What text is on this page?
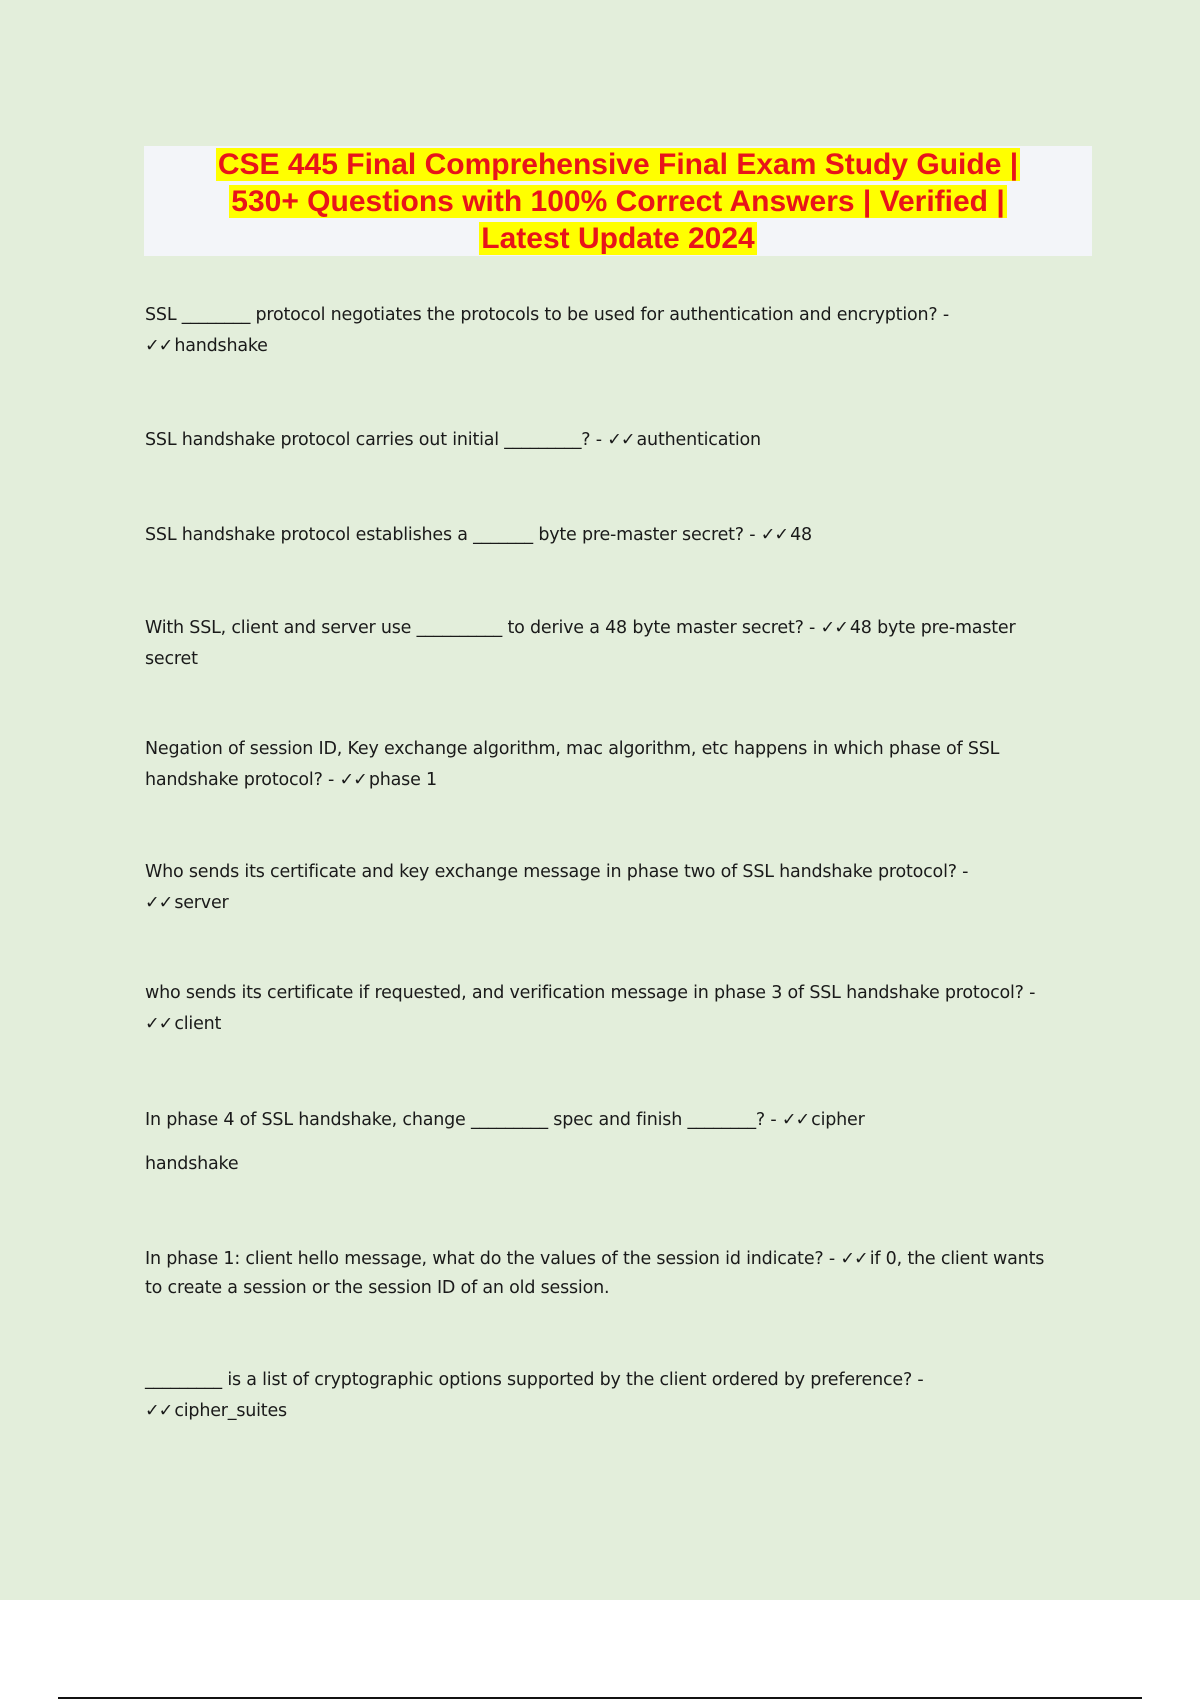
CSE 445 Final Comprehensive Final Exam Study Guide |
530+ Questions with 100% Correct Answers | Verified |
Latest Update 2024
SSL ________ protocol negotiates the protocols to be used for authentication and encryption? -
✓✓ handshake
SSL handshake protocol carries out initial _________? - ✓✓ authentication
SSL handshake protocol establishes a _______ byte pre-master secret? - ✓✓ 48
With SSL, client and server use __________ to derive a 48 byte master secret? - ✓✓ 48 byte pre-master
secret
Negation of session ID, Key exchange algorithm, mac algorithm, etc happens in which phase of SSL
handshake protocol? - ✓✓ phase 1
Who sends its certificate and key exchange message in phase two of SSL handshake protocol? -
✓✓ server
who sends its certificate if requested, and verification message in phase 3 of SSL handshake protocol? -
✓✓ client
In phase 4 of SSL handshake, change _________ spec and finish ________? - ✓✓ cipher
handshake
In phase 1: client hello message, what do the values of the session id indicate? - ✓✓ if 0, the client wants
to create a session or the session ID of an old session.
_________ is a list of cryptographic options supported by the client ordered by preference? -
✓✓ cipher_suites
